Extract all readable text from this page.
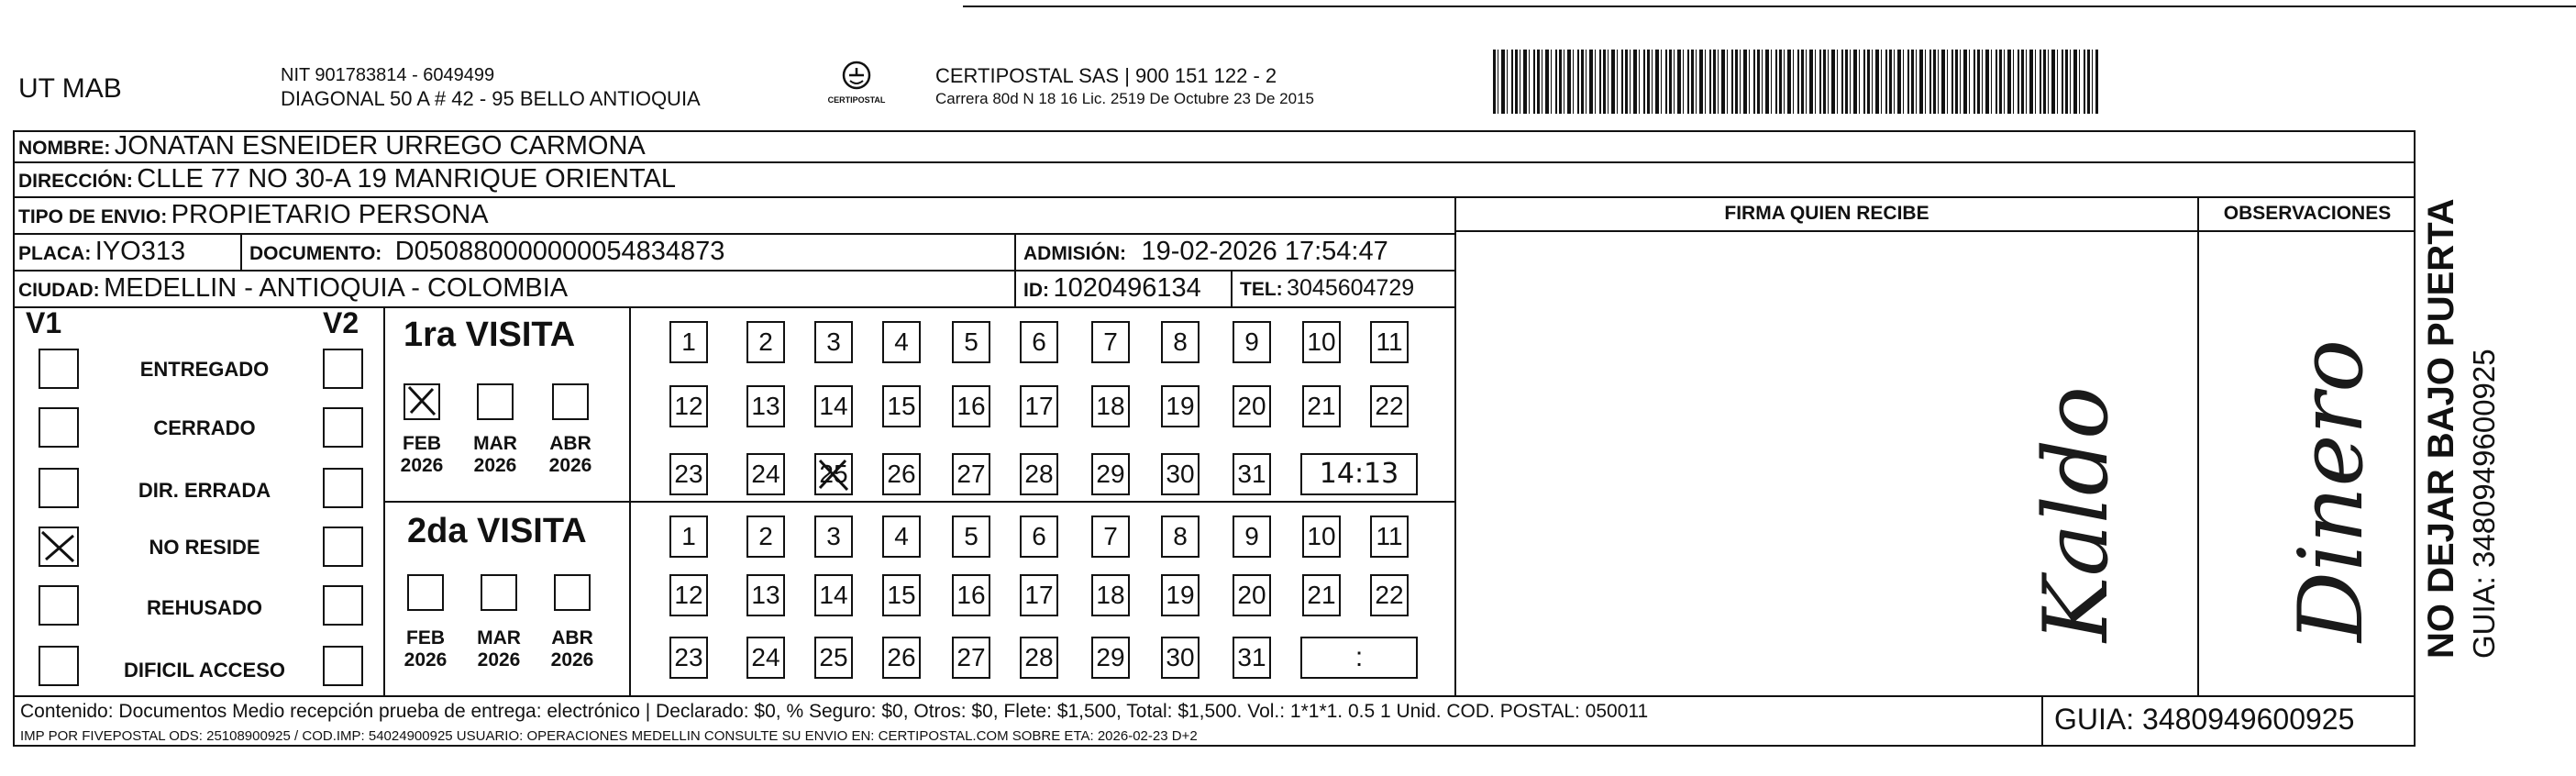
UT MAB	NIT 901783814 - 6049499
DIAGONAL 50 A # 42 - 95 BELLO ANTIOQUIA	CERTIPOSTAL
CERTIPOSTAL SAS | 900 151 122 - 2
Carrera 80d N 18 16 Lic. 2519 De Octubre 23 De 2015
NOMBRE: JONATAN ESNEIDER URREGO CARMONA
DIRECCIÓN: CLLE 77 NO 30-A 19 MANRIQUE ORIENTAL
TIPO DE ENVIO: PROPIETARIO PERSONA
PLACA: IYO313	DOCUMENTO: D050880000000054834873	ADMISIÓN: 19-02-2026 17:54:47
CIUDAD: MEDELLIN - ANTIOQUIA - COLOMBIA	ID: 1020496134 TEL: 3045604729
FIRMA QUIEN RECIBE	OBSERVACIONES
V1	V2
ENTREGADO
CERRADO
DIR. ERRADA
NO RESIDE
REHUSADO
DIFICIL ACCESO
1ra VISITA
FEB
2026
MAR
2026
ABR
2026
1	2	3	4	5	6	7	8	9	10 11
12 13 14 15 16 17 18 19 20 21 22
23 24 25 26 27 28 29 30 31	14:13
2da VISITA
FEB
2026
MAR
2026
ABR
2026
1	2	3	4	5	6	7	8	9	10 11
12 13 14 15 16 17 18 19 20 21 22
23 24 25 26 27 28 29 30 31	:
Kaldo Dinero NO DEJAR BAJO PUERTA GUIA: 3480949600925
Contenido: Documentos Medio recepción prueba de entrega: electrónico | Declarado: $0, % Seguro: $0, Otros: $0, Flete: $1,500, Total: $1,500. Vol.: 1*1*1. 0.5 1 Unid. COD. POSTAL: 050011
IMP POR FIVEPOSTAL ODS: 25108900925 / COD.IMP: 54024900925 USUARIO: OPERACIONES MEDELLIN CONSULTE SU ENVIO EN: CERTIPOSTAL.COM SOBRE ETA: 2026-02-23 D+2
GUIA: 3480949600925
